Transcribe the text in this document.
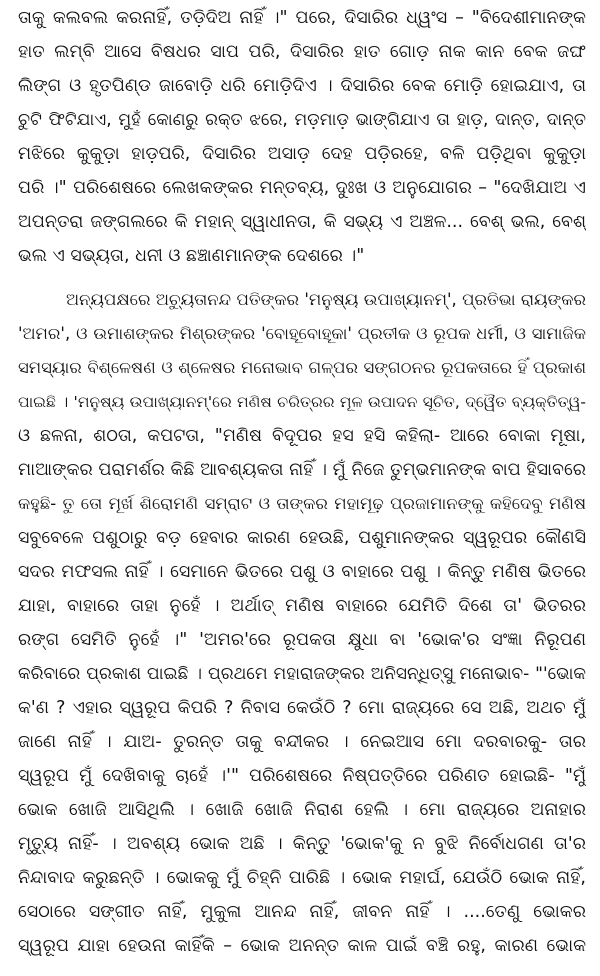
ତାକୁ କଲବଲ କରନାହିଁ, ତଡ଼ିଦିଅ ନାହିଁ ।" ପରେ, ଦିସାରିର ଧ୍ୱଂସ – "ବିଦେଶୀମାନଙ୍କ
ହାତ ଲମ୍ବି ଆସେ ବିଷଧର ସାପ ପରି, ଦିସାରିର ହାତ ଗୋଡ଼ ନାକ କାନ ବେକ ଜଙ୍ଘ
ଲିଙ୍ଗ ଓ ହୃତପିଣ୍ଡ ଜାବୋଡ଼ି ଧରି ମୋଡ଼ିଦିଏ । ଦିସାରିର ବେକ ମୋଡ଼ି ହୋଇଯାଏ, ତା
ଚୁଟି ଫିଟିଯାଏ, ମୁହଁ କୋଣରୁ ରକ୍ତ ଝରେ, ମଡ଼ମାଡ଼ ଭାଙ୍ଗିଯାଏ ତା ହାଡ଼, ଦାନ୍ତ, ଦାନ୍ତ
ମଝିରେ କୁକୁଡ଼ା ହାଡ଼ପରି, ଦିସାରିର ଅସାଡ଼ ଦେହ ପଡ଼ିରହେ, ବଳି ପଡ଼ିଥିବା କୁକୁଡ଼ା
ପରି ।" ପରିଶେଷରେ ଲେଖକଙ୍କର ମନ୍ତବ୍ୟ, ଦୁଃଖ ଓ ଅନୁଯୋଗର – "ଦେଖିଯାଅ ଏ
ଅପନ୍ତରା ଜଙ୍ଗଲରେ କି ମହାନ୍ ସ୍ୱାଧୀନତା, କି ସଭ୍ୟ ଏ ଅଞ୍ଚଳ... ବେଶ୍ ଭଲ, ବେଶ୍
ଭଲ ଏ ସଭ୍ୟତା, ଧନୀ ଓ ଛଞ୍ଚାଣମାନଙ୍କ ଦେଶରେ ।"
ଅନ୍ୟପକ୍ଷରେ ଅଚ୍ୟୁତାନନ୍ଦ ପତିଙ୍କର 'ମନୁଷ୍ୟ ଉପାଖ୍ୟାନମ୍', ପ୍ରତିଭା ରାୟଙ୍କର
'ଅମର', ଓ ଉମାଶଙ୍କର ମିଶ୍ରଙ୍କର 'ବୋହୂବୋହୂକା' ପ୍ରତୀକ ଓ ରୂପକ ଧର୍ମୀ, ଓ ସାମାଜିକ
ସମସ୍ୟାର ବିଶ୍ଳେଷଣ ଓ ଶ୍ଳେଷର ମନୋଭାବ ଗଳ୍ପର ସଙ୍ଗଠନର ରୂପକତାରେ ହିଁ ପ୍ରକାଶ
ପାଇଛି । 'ମନୁଷ୍ୟ ଉପାଖ୍ୟାନମ୍'ରେ ମଣିଷ ଚରିତ୍ରର ମୂଳ ଉପାଦନ ସୂଚିତ, ଦ୍ୱୈତ ବ୍ୟକ୍ତିତ୍ୱ-
ଓ ଛଳନା, ଶଠତା, କପଟତା, "ମଣିଷ ବିଦୂପର ହସ ହସି କହିଲା- ଆରେ ବୋକା ମୂଷା,
ମାଆଙ୍କର ପରାମର୍ଶର କିଛି ଆବଶ୍ୟକତା ନାହିଁ । ମୁଁ ନିଜେ ତୁମ୍ଭମାନଙ୍କ ବାପ ହିସାବରେ
କହୁଛି- ତୁ ତୋ ମୂର୍ଖ ଶିରୋମଣି ସମ୍ରାଟ ଓ ତାଙ୍କର ମହାମୂଢ଼ ପ୍ରଜାମାନଙ୍କୁ କହିଦେବୁ ମଣିଷ
ସବୁବେଳେ ପଶୁଠାରୁ ବଡ଼ ହେବାର କାରଣ ହେଉଛି, ପଶୁମାନଙ୍କର ସ୍ୱରୂପର କୌଣସି
ସଦର ମଫସଲ ନାହିଁ । ସେମାନେ ଭିତରେ ପଶୁ ଓ ବାହାରେ ପଶୁ । କିନ୍ତୁ ମଣିଷ ଭିତରେ
ଯାହା, ବାହାରେ ତାହା ନୁହେଁ । ଅର୍ଥାତ୍ ମଣିଷ ବାହାରେ ଯେମିତି ଦିଶେ ତା' ଭିତରର
ରଙ୍ଗ ସେମିତି ନୁହେଁ ।" 'ଅମର'ରେ ରୂପକତା କ୍ଷୁଧା ବା 'ଭୋକ'ର ସଂଜ୍ଞା ନିରୂପଣ
କରିବାରେ ପ୍ରକାଶ ପାଇଛି । ପ୍ରଥମେ ମହାରାଜଙ୍କର ଅନିସନ୍ଧିତ୍ସୁ ମନୋଭାବ- "'ଭୋକ
କ'ଣ ? ଏହାର ସ୍ୱରୂପ କିପରି ? ନିବାସ କେଉଁଠି ? ମୋ ରାଜ୍ୟରେ ସେ ଅଛି, ଅଥଚ ମୁଁ
ଜାଣେ ନାହିଁ । ଯାଅ- ତୁରନ୍ତ ତାକୁ ବନ୍ଦୀକର । ନେଇଆସ ମୋ ଦରବାରକୁ- ତାର
ସ୍ୱରୂପ ମୁଁ ଦେଖିବାକୁ ଚାହେଁ ।'" ପରିଶେଷରେ ନିଷ୍ପତ୍ତିରେ ପରିଣତ ହୋଇଛି- "ମୁଁ
ଭୋକ ଖୋଜି ଆସିଥିଲି । ଖୋଜି ଖୋଜି ନିରାଶ ହେଲି । ମୋ ରାଜ୍ୟରେ ଅନାହାର
ମୃତ୍ୟୁ ନାହିଁ- । ଅବଶ୍ୟ ଭୋକ ଅଛି । କିନ୍ତୁ 'ଭୋକ'କୁ ନ ବୁଝି ନିର୍ବୋଧଗଣ ତା'ର
ନିନ୍ଦାବାଦ କରୁଛନ୍ତି । ଭୋକକୁ ମୁଁ ଚିହ୍ନି ପାରିଛି । ଭୋକ ମହାର୍ଘ, ଯେଉଁଠି ଭୋକ ନାହିଁ,
ସେଠାରେ ସଙ୍ଗୀତ ନାହିଁ, ମୁକୁଳା ଆନନ୍ଦ ନାହିଁ, ଜୀବନ ନାହିଁ । ....ତେଣୁ ଭୋକର
ସ୍ୱରୂପ ଯାହା ହେଉନା କାହିଁକି – ଭୋକ ଅନନ୍ତ କାଳ ପାଇଁ ବଞ୍ଚି ରହୁ, କାରଣ ଭୋକ
